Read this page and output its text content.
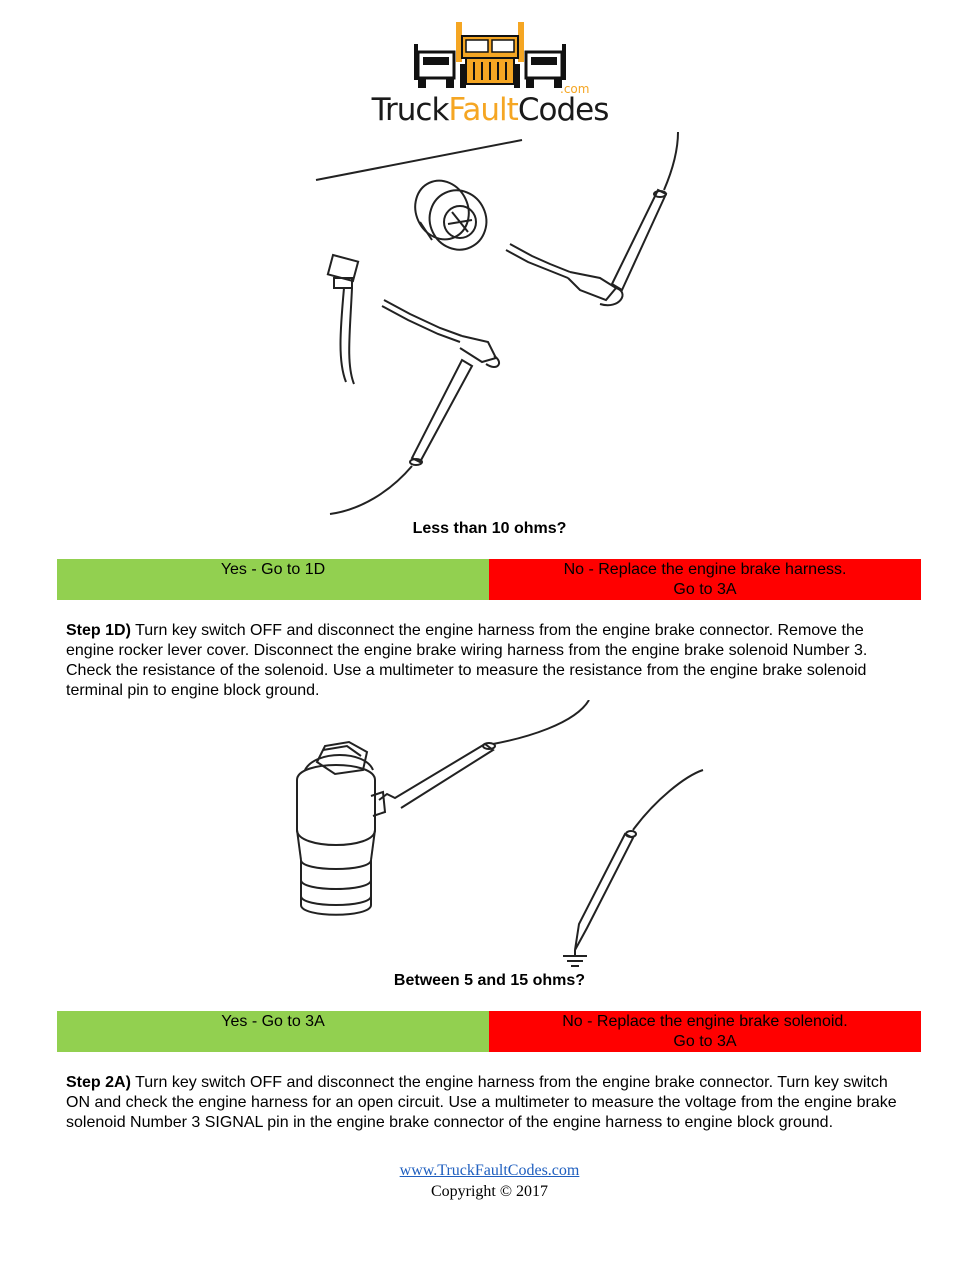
.com
TruckFaultCodes
Less than 10 ohms?
Yes - Go to 1D	No - Replace the engine brake harness.
Go to 3A
Step 1D) Turn key switch OFF and disconnect the engine harness from the engine brake connector. Remove the engine rocker lever cover. Disconnect the engine brake wiring harness from the engine brake solenoid Number 3. Check the resistance of the solenoid. Use a multimeter to measure the resistance from the engine brake solenoid terminal pin to engine block ground.
Between 5 and 15 ohms?
Yes - Go to 3A	No - Replace the engine brake solenoid.
Go to 3A
Step 2A) Turn key switch OFF and disconnect the engine harness from the engine brake connector. Turn key switch ON and check the engine harness for an open circuit. Use a multimeter to measure the voltage from the engine brake solenoid Number 3 SIGNAL pin in the engine brake connector of the engine harness to engine block ground.
www.TruckFaultCodes.com
Copyright © 2017
